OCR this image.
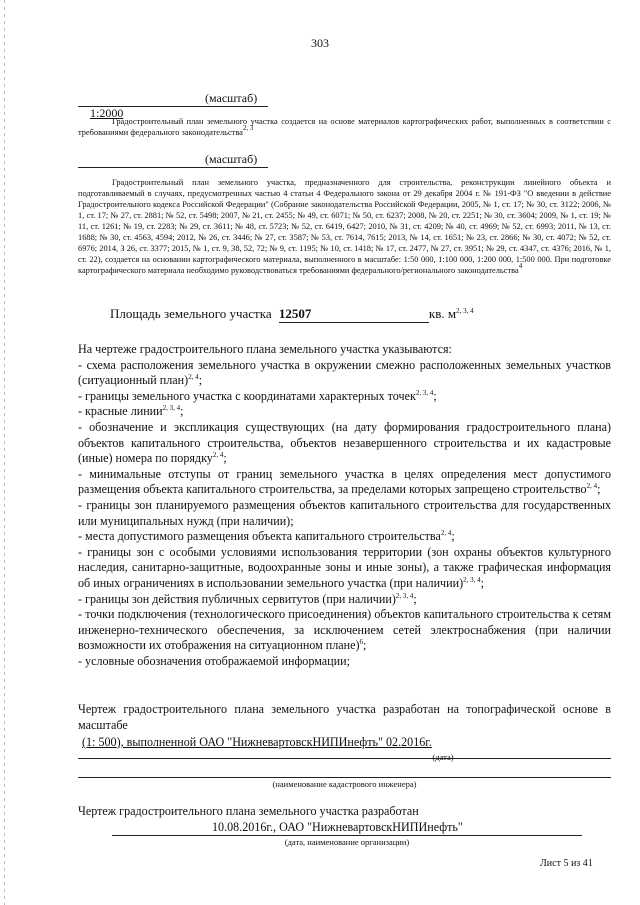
303

1:2000

(масштаб)
Градостроительный план земельного участка создается на основе материалов картографических работ, выполненных в соответствии с требованиями федерального законодательства$^{2, 3}$
(масштаб)
Градостроительный план земельного участка, предназначенного для строительства, реконструкции линейного объекта и подготавливаемый в случаях, предусмотренных частью 4 статьи 4 Федерального закона от 29 декабря 2004 г. № 191-ФЗ "О введении в действие Градостроительного кодекса Российской Федерации" (Собрание законодательства Российской Федерации, 2005, № 1, ст. 17; № 30, ст. 3122; 2006, № 1, ст. 17; № 27, ст. 2881; № 52, ст. 5498; 2007, № 21, ст. 2455; № 49, ст. 6071; № 50, ст. 6237; 2008, № 20, ст. 2251; № 30, ст. 3604; 2009, № 1, ст. 19; № 11, ст. 1261; № 19, ст. 2283; № 29, ст. 3611; № 48, ст. 5723; № 52, ст. 6419, 6427; 2010, № 31, ст. 4209; № 40, ст. 4969; № 52, ст. 6993; 2011, № 13, ст. 1688; № 30, ст. 4563, 4594; 2012, № 26, ст. 3446; № 27, ст. 3587; № 53, ст. 7614, 7615; 2013, № 14, ст. 1651; № 23, ст. 2866; № 30, ст. 4072; № 52, ст. 6976; 2014, З 26, ст. 3377; 2015, № 1, ст. 9, 38, 52, 72; № 9, ст. 1195; № 10, ст. 1418; № 17, ст. 2477, № 27, ст. 3951; № 29, ст. 4347, ст. 4376; 2016, № 1, ст. 22), создается на основании картографического материала, выполненного в масштабе: 1:50 000, 1:100 000, 1:200 000, 1:500 000. При подготовке картографического материала необходимо руководствоваться требованиями федерального/регионального законодательства$^4$
Площадь земельного участка 12507	кв. $м^{2, 3, 4}$

На чертеже градостроительного плана земельного участка указываются:

- схема расположения земельного участка в окружении смежно расположенных земельных участков (ситуационный план)$^{2, 4}$;

- границы земельного участка с координатами характерных точек$^{2, 3, 4}$;

- красные линии$^{2, 3, 4}$;

- обозначение и экспликация существующих (на дату формирования градостроительного плана) объектов капитального строительства, объектов незавершенного строительства и их кадастровые (иные) номера по порядку$^{2, 4}$;

- минимальные отступы от границ земельного участка в целях определения мест допустимого размещения объекта капитального строительства, за пределами которых запрещено строительство$^{2, 4}$;

- границы зон планируемого размещения объектов капитального строительства для государственных или муниципальных нужд (при наличии);

- места допустимого размещения объекта капитального строительства$^{2, 4}$;

- границы зон с особыми условиями использования территории (зон охраны объектов культурного наследия, санитарно-защитные, водоохранные зоны и иные зоны), а также графическая информация об иных ограничениях в использовании земельного участка (при наличии)$^{2, 3, 4}$;

- границы зон действия публичных сервитутов (при наличии)$^{2, 3, 4}$;

- точки подключения (технологического присоединения) объектов капитального строительства к сетям инженерно-технического обеспечения, за исключением сетей электроснабжения (при наличии возможности их отображения на ситуационном плане)$^6$;

- условные обозначения отображаемой информации;

Чертеж градостроительного плана земельного участка разработан на топографической основе в масштабе

(1: 500), выполненной ОАО "НижневартовскНИПИнефть" 02.2016г.

(дата)
(наименование кадастрового инженера)

Чертеж градостроительного плана земельного участка разработан

10.08.2016г., ОАО "НижневартовскНИПИнефть"
(дата, наименование организации)
Лист 5 из 41
